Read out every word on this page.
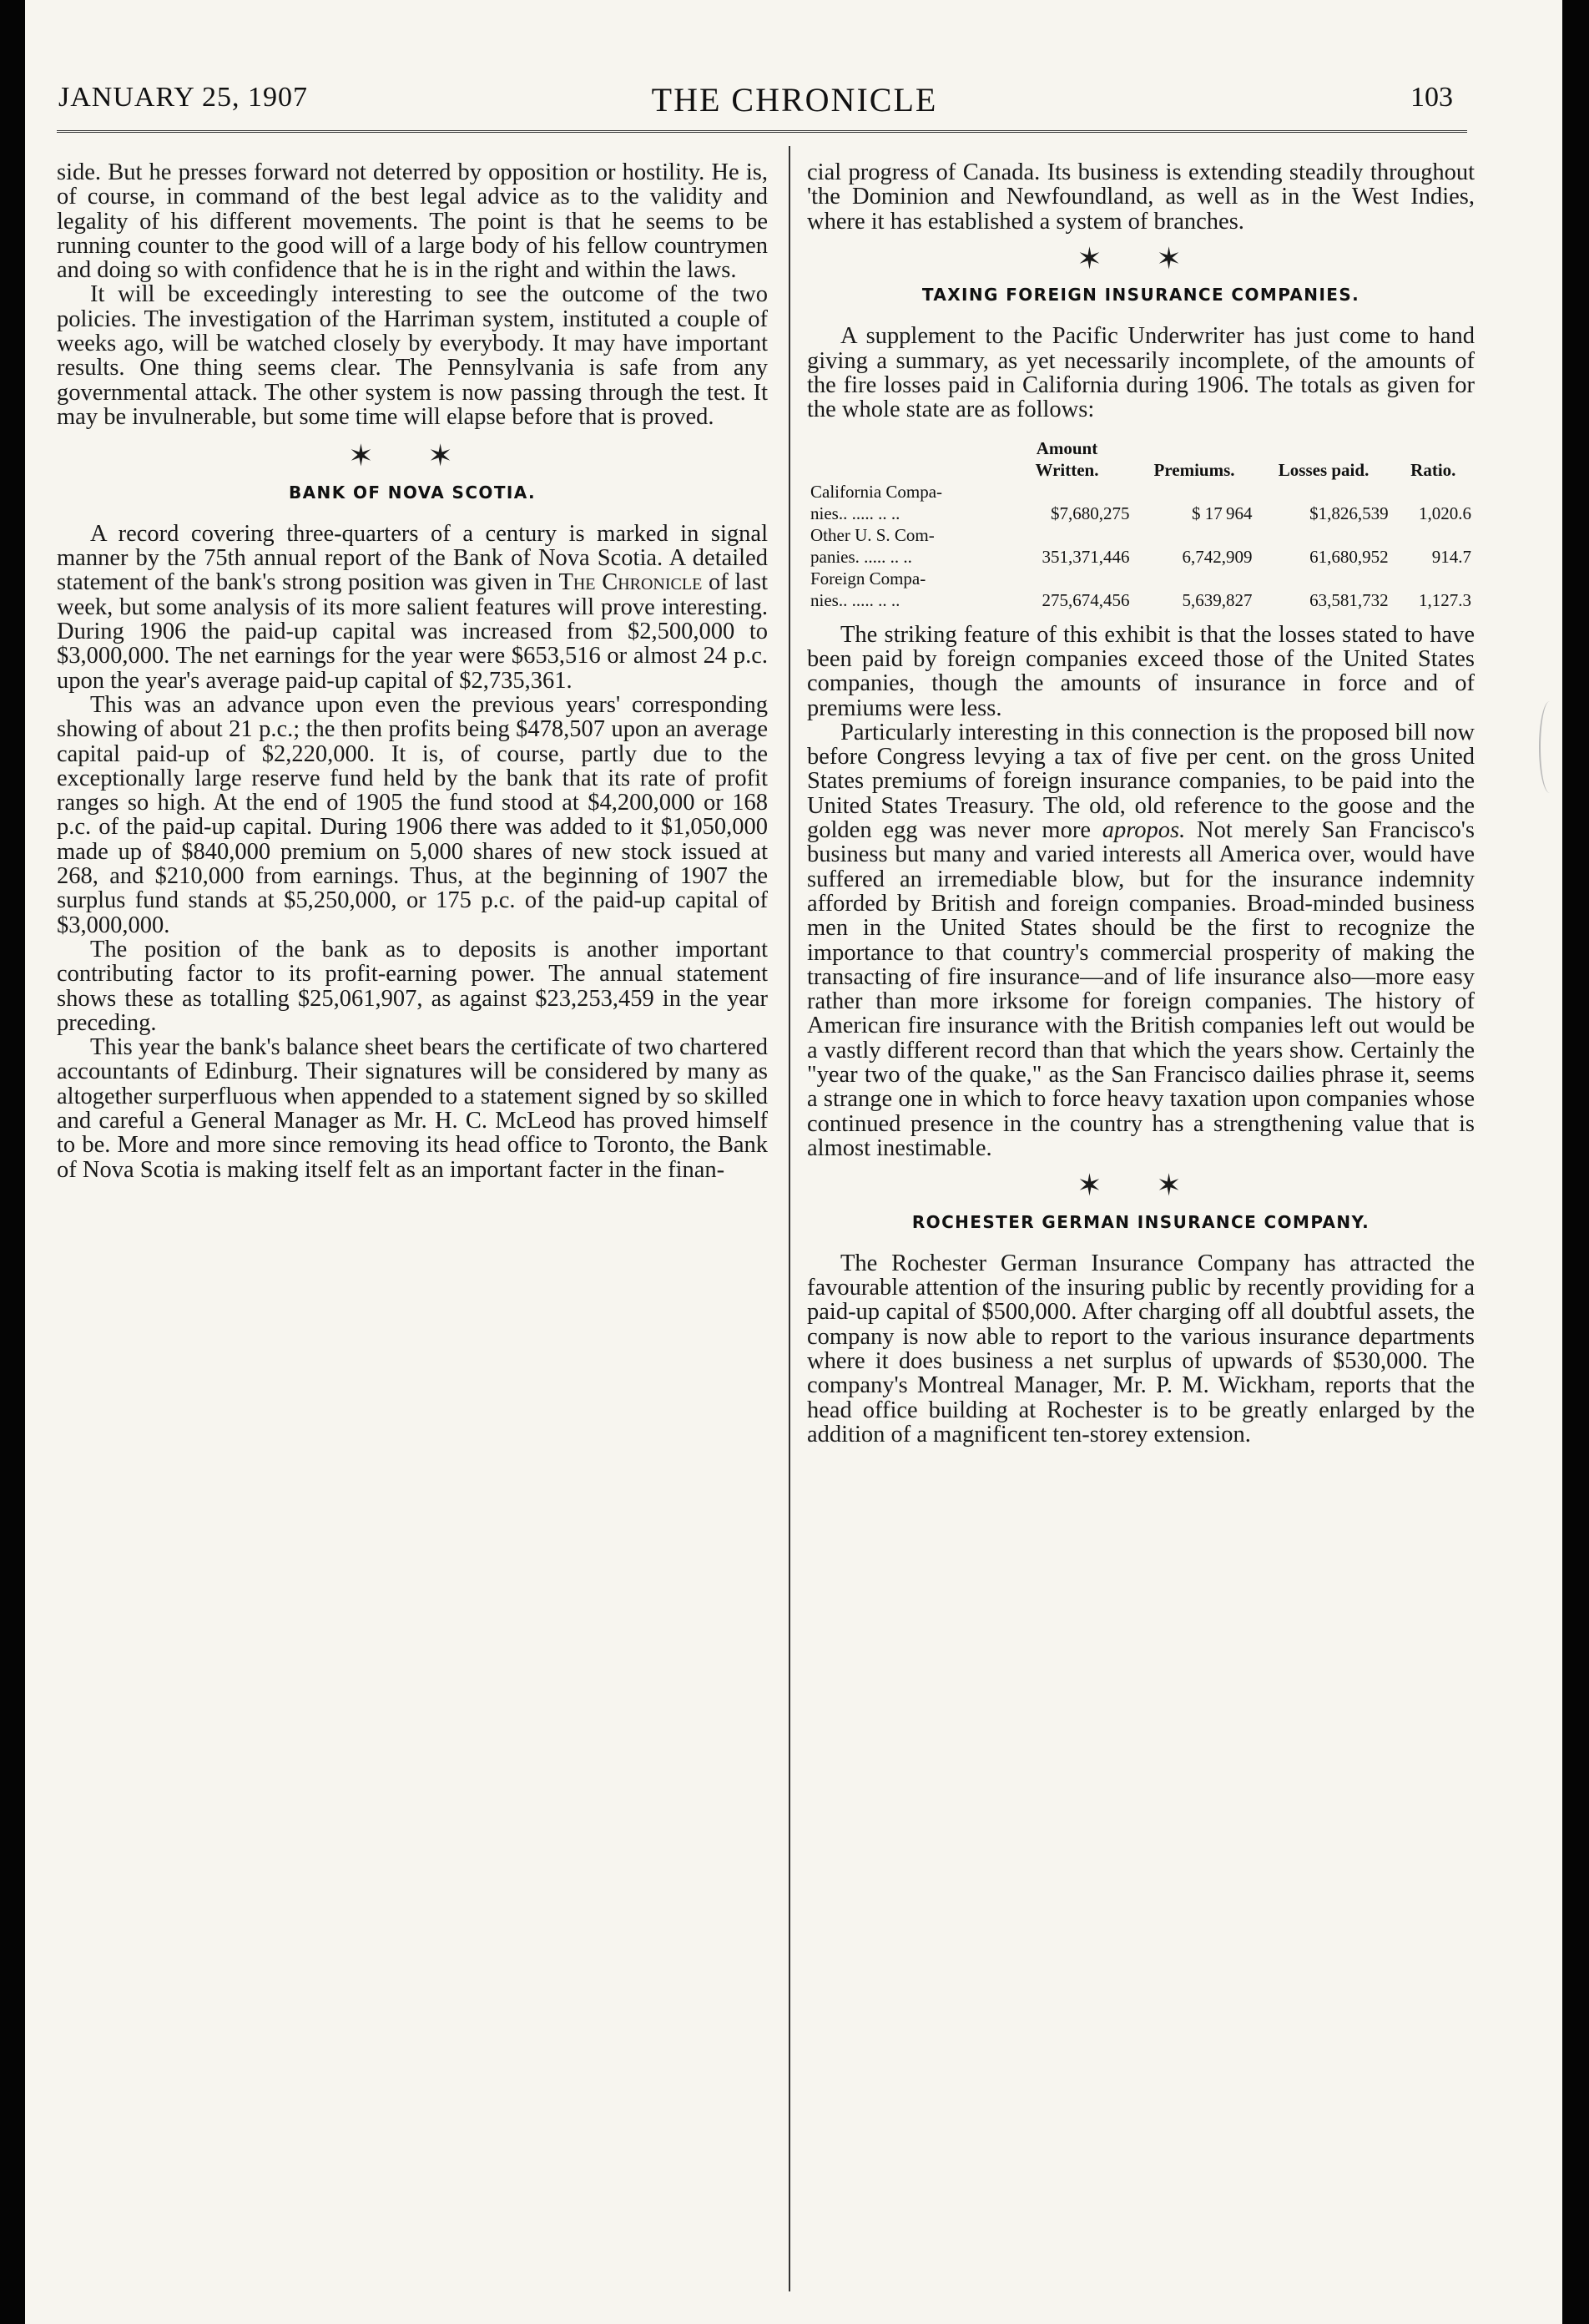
JANUARY 25, 1907	THE CHRONICLE	103

side. But he presses forward not deterred by opposition or hostility. He is, of course, in command of the best legal advice as to the validity and legality of his different movements. The point is that he seems to be running counter to the good will of a large body of his fellow countrymen and doing so with confidence that he is in the right and within the laws.

It will be exceedingly interesting to see the outcome of the two policies. The investigation of the Harriman system, instituted a couple of weeks ago, will be watched closely by everybody. It may have important results. One thing seems clear. The Pennsylvania is safe from any governmental attack. The other system is now passing through the test. It may be invulnerable, but some time will elapse before that is proved.

✶ ✶
BANK OF NOVA SCOTIA.

A record covering three-quarters of a century is marked in signal manner by the 75th annual report of the Bank of Nova Scotia. A detailed statement of the bank's strong position was given in The Chronicle of last week, but some analysis of its more salient features will prove interesting. During 1906 the paid-up capital was increased from $2,500,000 to $3,000,000. The net earnings for the year were $653,516 or almost 24 p.c. upon the year's average paid-up capital of $2,735,361.

This was an advance upon even the previous years' corresponding showing of about 21 p.c.; the then profits being $478,507 upon an average capital paid-up of $2,220,000. It is, of course, partly due to the exceptionally large reserve fund held by the bank that its rate of profit ranges so high. At the end of 1905 the fund stood at $4,200,000 or 168 p.c. of the paid-up capital. During 1906 there was added to it $1,050,000 made up of $840,000 premium on 5,000 shares of new stock issued at 268, and $210,000 from earnings. Thus, at the beginning of 1907 the surplus fund stands at $5,250,000, or 175 p.c. of the paid-up capital of $3,000,000.

The position of the bank as to deposits is another important contributing factor to its profit-earning power. The annual statement shows these as totalling $25,061,907, as against $23,253,459 in the year preceding.

This year the bank's balance sheet bears the certificate of two chartered accountants of Edinburg. Their signatures will be considered by many as altogether surperfluous when appended to a statement signed by so skilled and careful a General Manager as Mr. H. C. McLeod has proved himself to be. More and more since removing its head office to Toronto, the Bank of Nova Scotia is making itself felt as an important facter in the finan-

cial progress of Canada. Its business is extending steadily throughout 'the Dominion and Newfoundland, as well as in the West Indies, where it has established a system of branches.

✶ ✶
TAXING FOREIGN INSURANCE COMPANIES.

A supplement to the Pacific Underwriter has just come to hand giving a summary, as yet necessarily incomplete, of the amounts of the fire losses paid in California during 1906. The totals as given for the whole state are as follows:

	Amount
Written.	Premiums.	Losses paid.	Ratio.
California Compa-				
nies.. ..... .. ..	$7,680,275	$ 17 964	$1,826,539	1,020.6
Other U. S. Com-				
panies. ..... .. ..	351,371,446	6,742,909	61,680,952	914.7
Foreign Compa-				
nies.. ..... .. ..	275,674,456	5,639,827	63,581,732	1,127.3

The striking feature of this exhibit is that the losses stated to have been paid by foreign companies exceed those of the United States companies, though the amounts of insurance in force and of premiums were less.

Particularly interesting in this connection is the proposed bill now before Congress levying a tax of five per cent. on the gross United States premiums of foreign insurance companies, to be paid into the United States Treasury. The old, old reference to the goose and the golden egg was never more apropos. Not merely San Francisco's business but many and varied interests all America over, would have suffered an irremediable blow, but for the insurance indemnity afforded by British and foreign companies. Broad-minded business men in the United States should be the first to recognize the importance to that country's commercial prosperity of making the transacting of fire insurance—and of life insurance also—more easy rather than more irksome for foreign companies. The history of American fire insurance with the British companies left out would be a vastly different record than that which the years show. Certainly the "year two of the quake," as the San Francisco dailies phrase it, seems a strange one in which to force heavy taxation upon companies whose continued presence in the country has a strengthening value that is almost inestimable.

✶ ✶
ROCHESTER GERMAN INSURANCE COMPANY.

The Rochester German Insurance Company has attracted the favourable attention of the insuring public by recently providing for a paid-up capital of $500,000. After charging off all doubtful assets, the company is now able to report to the various insurance departments where it does business a net surplus of upwards of $530,000. The company's Montreal Manager, Mr. P. M. Wickham, reports that the head office building at Rochester is to be greatly enlarged by the addition of a magnificent ten-storey extension.
